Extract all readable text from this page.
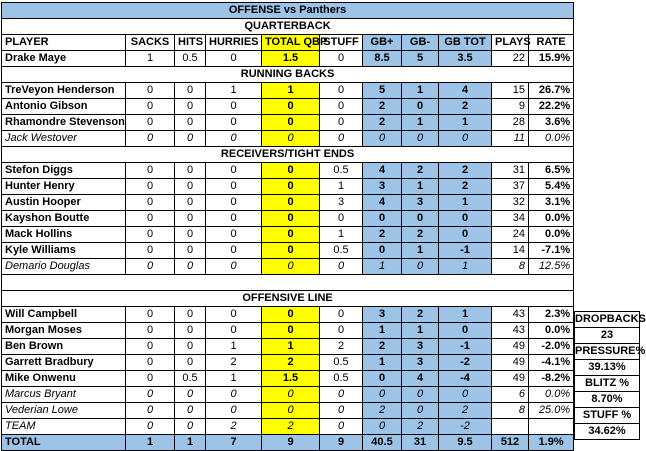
OFFENSE vs Panthers										
QUARTERBACK										
PLAYER	SACKS	HITS	HURRIES	TOTAL QBP	STUFF	GB+	GB-	GB TOT	PLAYS	RATE
Drake Maye	1	0.5	0	1.5	0	8.5	5	3.5	22	15.9%
RUNNING BACKS										
TreVeyon Henderson	0	0	1	1	0	5	1	4	15	26.7%
Antonio Gibson	0	0	0	0	0	2	0	2	9	22.2%
Rhamondre Stevenson	0	0	0	0	0	2	1	1	28	3.6%
Jack Westover	0	0	0	0	0	0	0	0	11	0.0%
RECEIVERS/TIGHT ENDS										
Stefon Diggs	0	0	0	0	0.5	4	2	2	31	6.5%
Hunter Henry	0	0	0	0	1	3	1	2	37	5.4%
Austin Hooper	0	0	0	0	3	4	3	1	32	3.1%
Kayshon Boutte	0	0	0	0	0	0	0	0	34	0.0%
Mack Hollins	0	0	0	0	1	2	2	0	24	0.0%
Kyle Williams	0	0	0	0	0.5	0	1	-1	14	-7.1%
Demario Douglas	0	0	0	0	0	1	0	1	8	12.5%

OFFENSIVE LINE										
Will Campbell	0	0	0	0	0	3	2	1	43	2.3%
Morgan Moses	0	0	0	0	0	1	1	0	43	0.0%
Ben Brown	0	0	1	1	2	2	3	-1	49	-2.0%
Garrett Bradbury	0	0	2	2	0.5	1	3	-2	49	-4.1%
Mike Onwenu	0	0.5	1	1.5	0.5	0	4	-4	49	-8.2%
Marcus Bryant	0	0	0	0	0	0	0	0	6	0.0%
Vederian Lowe	0	0	0	0	0	2	0	2	8	25.0%
TEAM	0	0	2	2	0	0	2	-2		
TOTAL	1	1	7	9	9	40.5	31	9.5	512	1.9%
DROPBACKS
23
PRESSURE%
39.13%
BLITZ %
8.70%
STUFF %
34.62%
